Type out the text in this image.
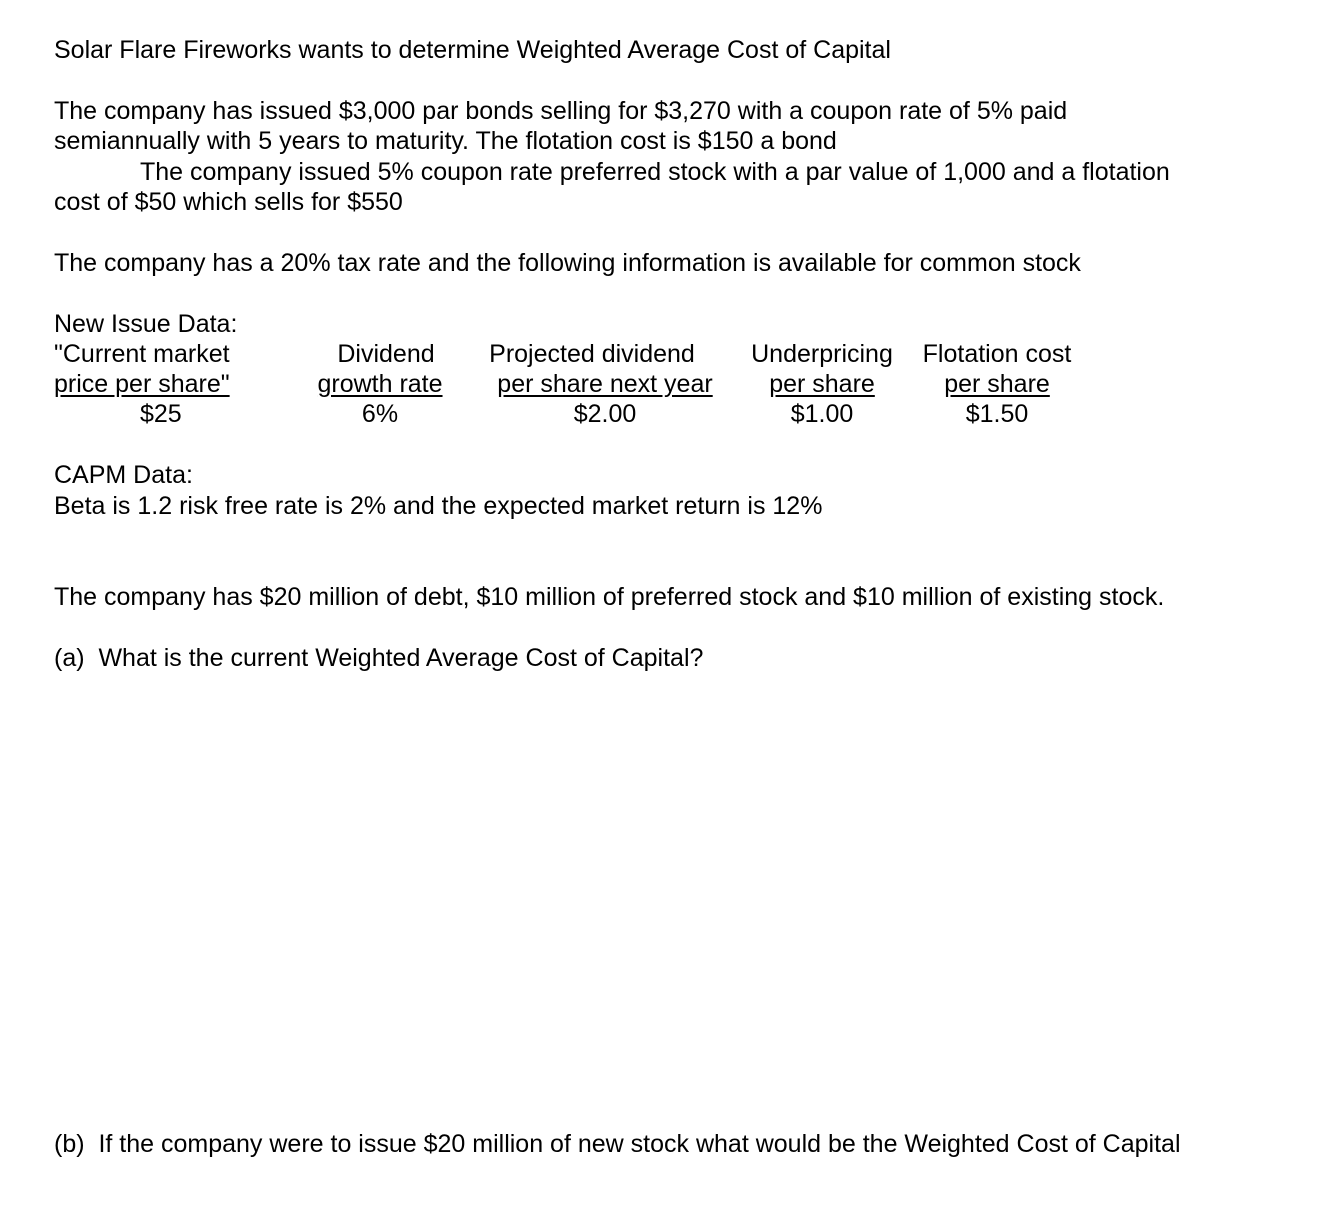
Solar Flare Fireworks wants to determine Weighted Average Cost of Capital
The company has issued $3,000 par bonds selling for $3,270 with a coupon rate of 5% paid
semiannually with 5 years to maturity. The flotation cost is $150 a bond
The company issued 5% coupon rate preferred stock with a par value of 1,000 and a flotation
cost of $50 which sells for $550
The company has a 20% tax rate and the following information is available for common stock
New Issue Data:
"Current market
price per share"
$25
Dividend
growth rate
6%
Projected dividend
per share next year
$2.00
Underpricing
per share
$1.00
Flotation cost
per share
$1.50
CAPM Data:
Beta is 1.2 risk free rate is 2% and the expected market return is 12%
The company has $20 million of debt, $10 million of preferred stock and $10 million of existing stock.
(a)  What is the current Weighted Average Cost of Capital?
(b)  If the company were to issue $20 million of new stock what would be the Weighted Cost of Capital
